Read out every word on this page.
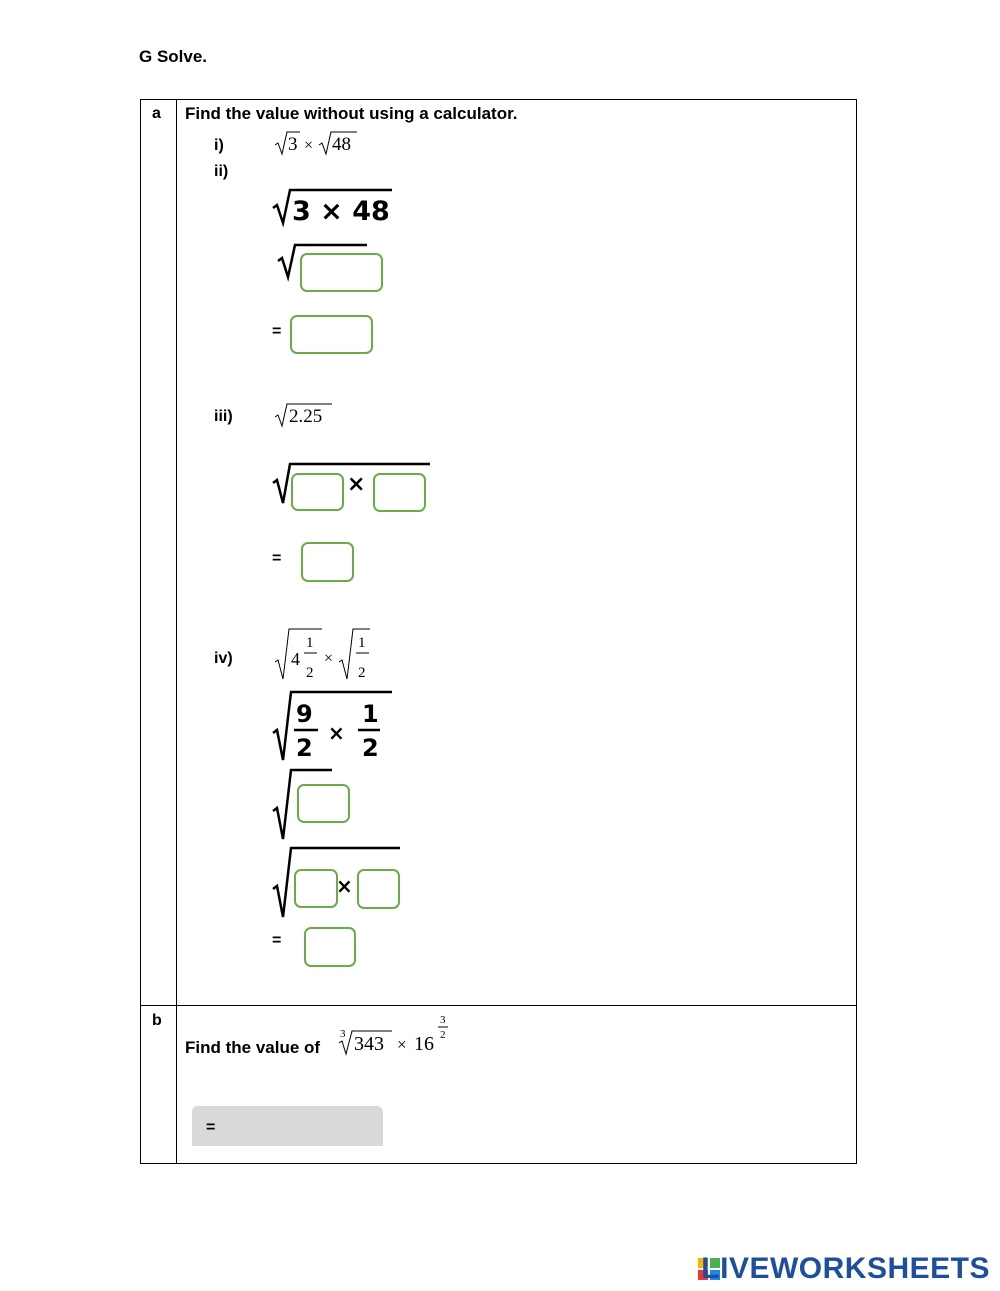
G Solve.
a Find the value without using a calculator.
i)
ii)
3 × 48
3 × 48
=
iii)	2.25
×
=
iv)	4
1
2
×
1
2
9
2
×
1
2
×
=
b
Find the value of
3 343 × 16
3
2
=
LIVEWORKSHEETS
